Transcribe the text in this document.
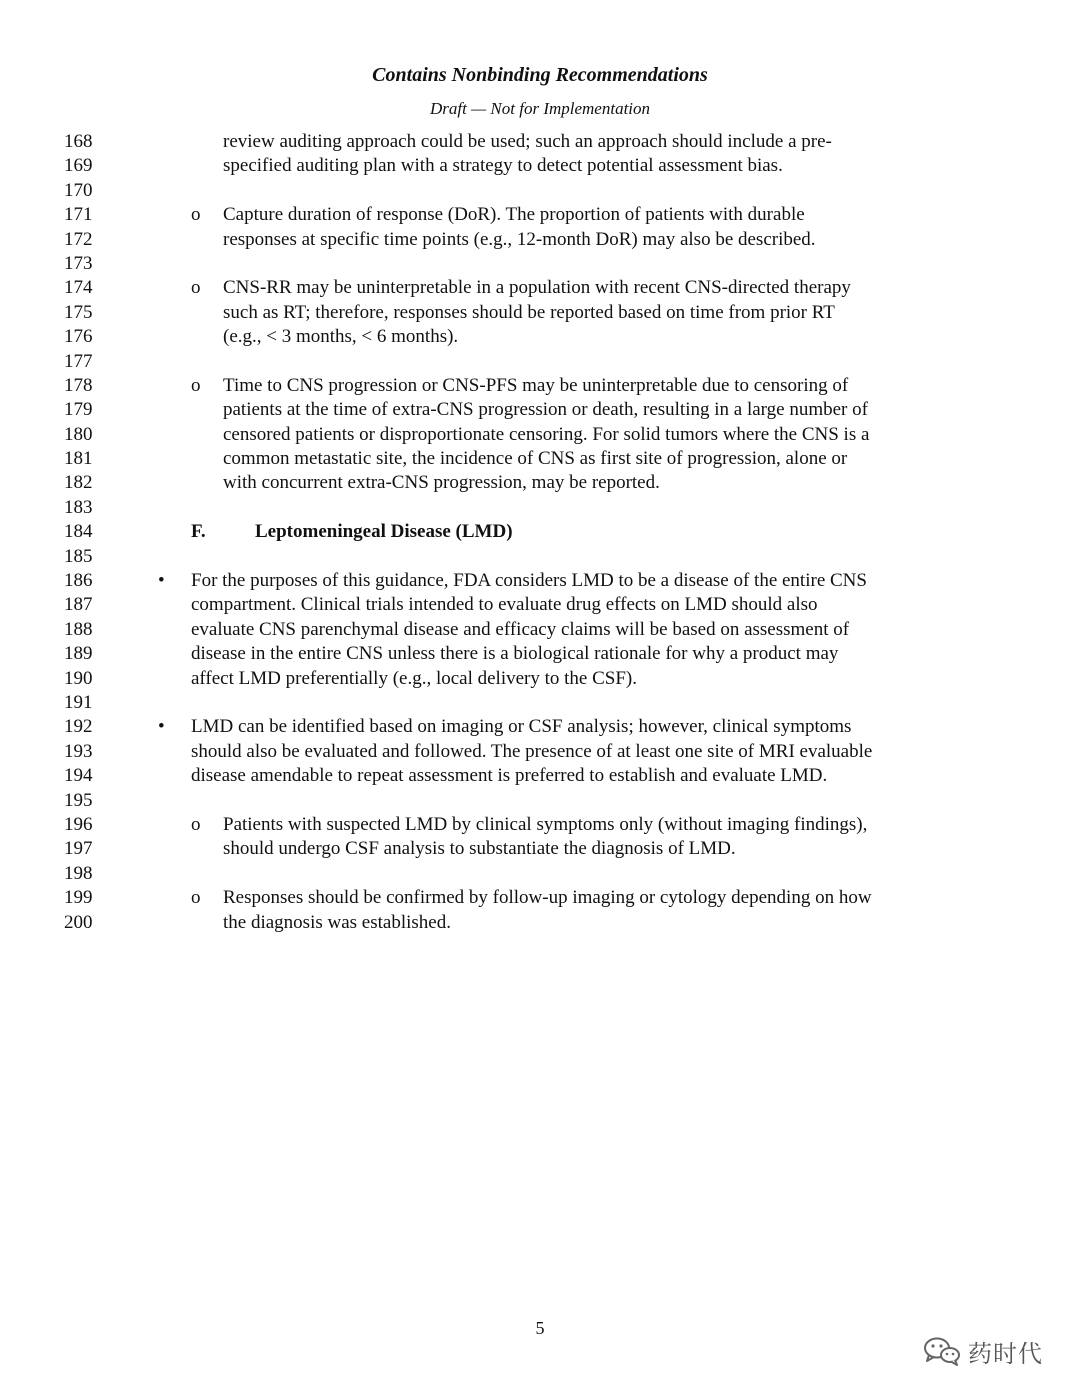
Contains Nonbinding Recommendations
Draft — Not for Implementation
168	review auditing approach could be used; such an approach should include a pre-
169	specified auditing plan with a strategy to detect potential assessment bias.
170
171	o Capture duration of response (DoR). The proportion of patients with durable
172	responses at specific time points (e.g., 12-month DoR) may also be described.
173
174	o CNS-RR may be uninterpretable in a population with recent CNS-directed therapy
175	such as RT; therefore, responses should be reported based on time from prior RT
176	(e.g., < 3 months, < 6 months).
177
178	o Time to CNS progression or CNS-PFS may be uninterpretable due to censoring of
179	patients at the time of extra-CNS progression or death, resulting in a large number of
180	censored patients or disproportionate censoring. For solid tumors where the CNS is a
181	common metastatic site, the incidence of CNS as first site of progression, alone or
182	with concurrent extra-CNS progression, may be reported.
183
184	F.	Leptomeningeal Disease (LMD)
185
186	• For the purposes of this guidance, FDA considers LMD to be a disease of the entire CNS
187	compartment. Clinical trials intended to evaluate drug effects on LMD should also
188	evaluate CNS parenchymal disease and efficacy claims will be based on assessment of
189	disease in the entire CNS unless there is a biological rationale for why a product may
190	affect LMD preferentially (e.g., local delivery to the CSF).
191
192	• LMD can be identified based on imaging or CSF analysis; however, clinical symptoms
193	should also be evaluated and followed. The presence of at least one site of MRI evaluable
194	disease amendable to repeat assessment is preferred to establish and evaluate LMD.
195
196	o Patients with suspected LMD by clinical symptoms only (without imaging findings),
197	should undergo CSF analysis to substantiate the diagnosis of LMD.
198
199	o Responses should be confirmed by follow-up imaging or cytology depending on how
200	the diagnosis was established.
5
药时代
